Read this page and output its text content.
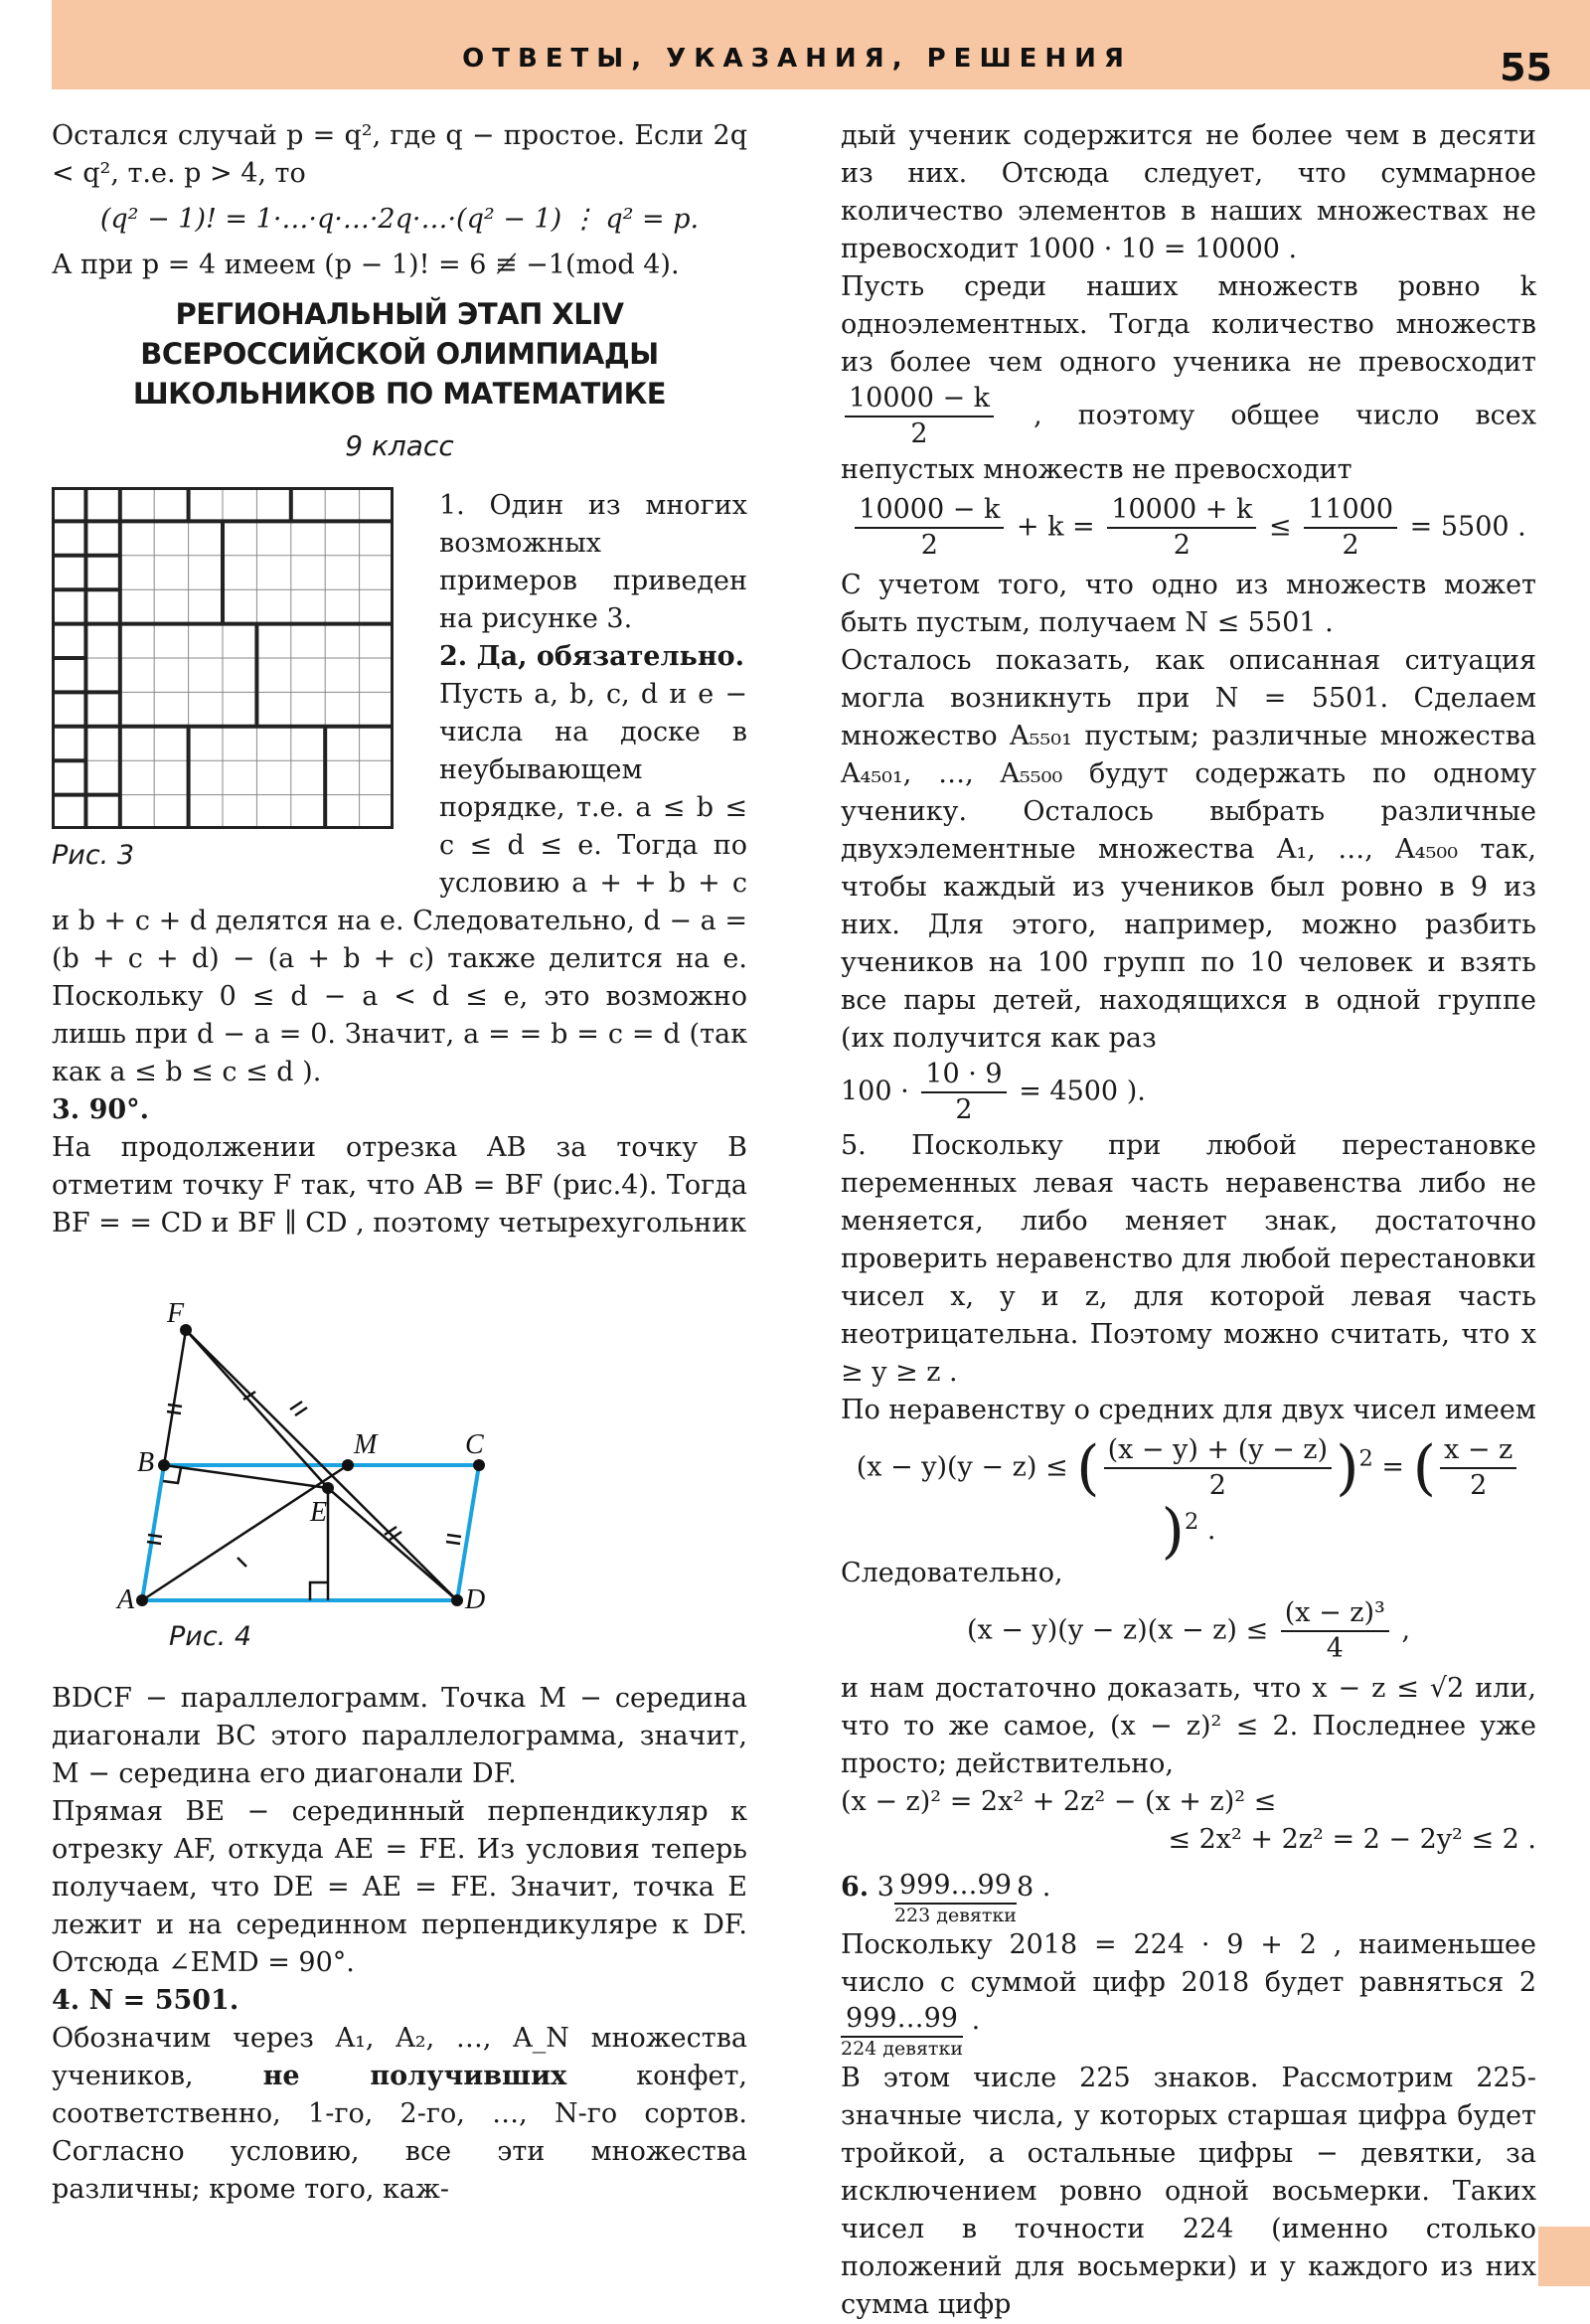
ОТВЕТЫ, УКАЗАНИЯ, РЕШЕНИЯ	55

Остался случай p = q², где q − простое. Если 2q < q², т.е. p > 4, то

(q² − 1)! = 1·…·q·…·2q·…·(q² − 1) ⋮ q² = p.

А при p = 4 имеем (p − 1)! = 6 ≢ −1(mod 4).

РЕГИОНАЛЬНЫЙ ЭТАП XLIV
ВСЕРОССИЙСКОЙ ОЛИМПИАДЫ
ШКОЛЬНИКОВ ПО МАТЕМАТИКЕ
9 класс
Рис. 3

1. Один из многих возможных примеров приведен на рисунке 3.

2. Да, обязательно.

Пусть a, b, c, d и e − числа на доске в неубывающем порядке, т.е. a ≤ b ≤ c ≤ d ≤ e. Тогда по условию a + + b + c и b + c + d делятся на e. Следовательно, d − a = (b + c + d) − (a + b + c) также делится на e. Поскольку 0 ≤ d − a < d ≤ e, это возможно лишь при d − a = 0. Значит, a = = b = c = d (так как a ≤ b ≤ c ≤ d ).

3. 90°.

На продолжении отрезка AB за точку B отметим точку F так, что AB = BF (рис.4). Тогда BF = = CD и BF ∥ CD , поэтому четырехугольник

F
B
M	C
E
A	D
Рис. 4

BDCF − параллелограмм. Точка M − середина диагонали BC этого параллелограмма, значит, M − середина его диагонали DF.

Прямая BE − серединный перпендикуляр к отрезку AF, откуда AE = FE. Из условия теперь получаем, что DE = AE = FE. Значит, точка E лежит и на серединном перпендикуляре к DF. Отсюда ∠EMD = 90°.

4. N = 5501.

Обозначим через A₁, A₂, …, A_N множества учеников,	не получивших	конфет, соответственно, 1-го, 2-го, …, N-го сортов. Согласно условию, все эти множества различны; кроме того, каж-

дый ученик содержится не более чем в десяти из них. Отсюда следует, что суммарное количество элементов в наших множествах не превосходит 1000 · 10 = 10000 .

Пусть среди наших множеств ровно k одноэлементных. Тогда количество множеств из более чем одного ученика не превосходит
$\frac{10000 - k}{2}$ , поэтому общее число всех непустых множеств не превосходит

$\frac{10000 - k}{2} + k = \frac{10000 + k}{2} \le \frac{11000}{2} = 5500$ .

С учетом того, что одно из множеств может быть пустым, получаем N ≤ 5501 .

Осталось показать, как описанная ситуация могла возникнуть при N = 5501. Сделаем множество A₅₅₀₁ пустым; различные множества A₄₅₀₁, …, A₅₅₀₀ будут содержать по одному ученику. Осталось выбрать различные двухэлементные множества A₁, …, A₄₅₀₀ так, чтобы каждый из учеников был ровно в 9 из них. Для этого, например, можно разбить учеников на 100 групп по 10 человек и взять все пары детей, находящихся в одной группе (их получится как раз

$100 \cdot \frac{10 \cdot 9}{2} = 4500$ ).

5. Поскольку при любой перестановке переменных левая часть неравенства либо не меняется, либо меняет знак, достаточно проверить неравенство для любой перестановки чисел x, y и z, для которой левая часть неотрицательна. Поэтому можно считать, что x ≥ y ≥ z .

По неравенству о средних для двух чисел имеем

(x − y)(y − z) ≤ ( $\frac{(x - y) + (y - z)}{2} )^2$ = ( $\frac{x - z}{2}$
)$^2$ .

Следовательно,

$(x - y)(y - z)(x - z) \le \frac{\text{(x − z)³}}{4}$ ,

и нам достаточно доказать, что x − z ≤ √2 или, что то же самое, (x − z)² ≤ 2. Последнее уже просто; действительно,

(x − z)² = 2x² + 2z² − (x + z)² ≤

≤ 2x² + 2z² = 2 − 2y² ≤ 2 .

6. 3 999…99
223 девятки
8 .

Поскольку 2018 = 224 · 9 + 2 , наименьшее число с суммой цифр 2018 будет равняться 2
999…99
224 девятки
.

В этом числе 225 знаков. Рассмотрим 225-значные числа, у которых старшая цифра будет тройкой, а остальные цифры − девятки, за исключением ровно одной восьмерки. Таких чисел в точности 224 (именно столько положений для восьмерки) и у каждого из них сумма цифр
